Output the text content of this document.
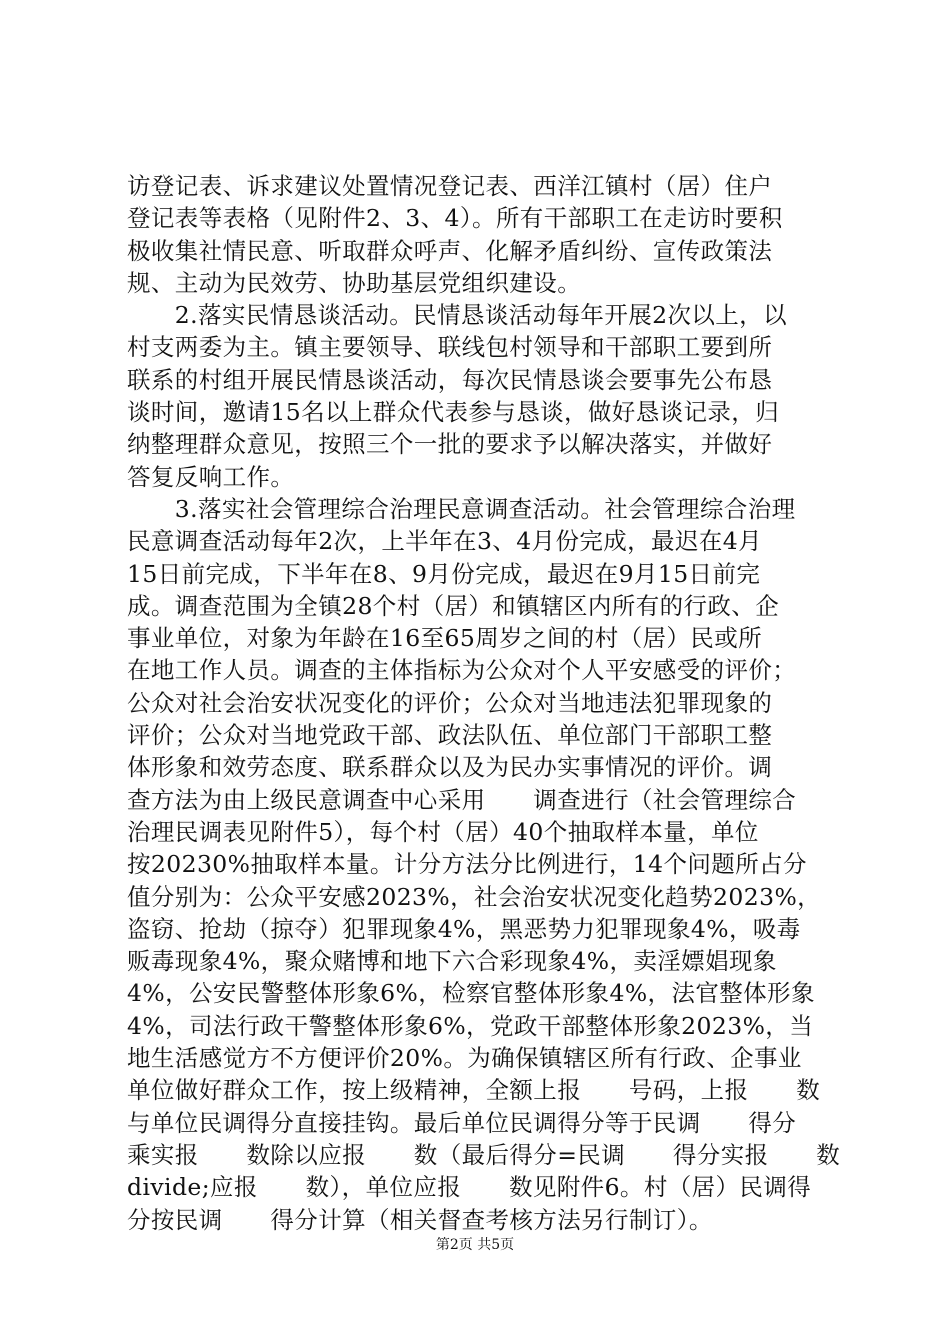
访登记表、诉求建议处置情况登记表、西洋江镇村（居）住户
登记表等表格（见附件2、3、4）。所有干部职工在走访时要积
极收集社情民意、听取群众呼声、化解矛盾纠纷、宣传政策法
规、主动为民效劳、协助基层党组织建设。
　　2.落实民情恳谈活动。民情恳谈活动每年开展2次以上，以
村支两委为主。镇主要领导、联线包村领导和干部职工要到所
联系的村组开展民情恳谈活动，每次民情恳谈会要事先公布恳
谈时间，邀请15名以上群众代表参与恳谈，做好恳谈记录，归
纳整理群众意见，按照三个一批的要求予以解决落实，并做好
答复反响工作。
　　3.落实社会管理综合治理民意调查活动。社会管理综合治理
民意调查活动每年2次，上半年在3、4月份完成，最迟在4月
15日前完成，下半年在8、9月份完成，最迟在9月15日前完
成。调查范围为全镇28个村（居）和镇辖区内所有的行政、企
事业单位，对象为年龄在16至65周岁之间的村（居）民或所
在地工作人员。调查的主体指标为公众对个人平安感受的评价；
公众对社会治安状况变化的评价；公众对当地违法犯罪现象的
评价；公众对当地党政干部、政法队伍、单位部门干部职工整
体形象和效劳态度、联系群众以及为民办实事情况的评价。调
查方法为由上级民意调查中心采用　　调查进行（社会管理综合
治理民调表见附件5），每个村（居）40个抽取样本量，单位
按20230%抽取样本量。计分方法分比例进行，14个问题所占分
值分别为：公众平安感2023%，社会治安状况变化趋势2023%，
盗窃、抢劫（掠夺）犯罪现象4%，黑恶势力犯罪现象4%，吸毒
贩毒现象4%，聚众赌博和地下六合彩现象4%，卖淫嫖娼现象
4%，公安民警整体形象6%，检察官整体形象4%，法官整体形象
4%，司法行政干警整体形象6%，党政干部整体形象2023%，当
地生活感觉方不方便评价20%。为确保镇辖区所有行政、企事业
单位做好群众工作，按上级精神，全额上报　　号码，上报　　数
与单位民调得分直接挂钩。最后单位民调得分等于民调　　得分
乘实报　　数除以应报　　数（最后得分=民调　　得分实报　　数
divide;应报　　数），单位应报　　数见附件6。村（居）民调得
分按民调　　得分计算（相关督查考核方法另行制订）。
第2页 共5页
